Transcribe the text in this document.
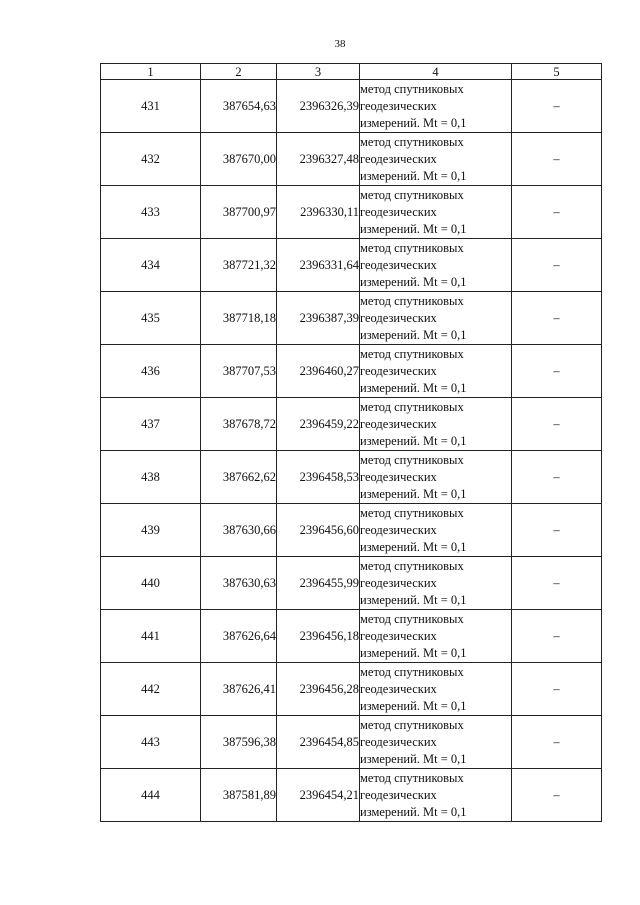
38
1	2	3	4	5
431	387654,63	2396326,39	метод спутниковых
геодезических
измерений. Mt = 0,1	–
432	387670,00	2396327,48	метод спутниковых
геодезических
измерений. Mt = 0,1	–
433	387700,97	2396330,11	метод спутниковых
геодезических
измерений. Mt = 0,1	–
434	387721,32	2396331,64	метод спутниковых
геодезических
измерений. Mt = 0,1	–
435	387718,18	2396387,39	метод спутниковых
геодезических
измерений. Mt = 0,1	–
436	387707,53	2396460,27	метод спутниковых
геодезических
измерений. Mt = 0,1	–
437	387678,72	2396459,22	метод спутниковых
геодезических
измерений. Mt = 0,1	–
438	387662,62	2396458,53	метод спутниковых
геодезических
измерений. Mt = 0,1	–
439	387630,66	2396456,60	метод спутниковых
геодезических
измерений. Mt = 0,1	–
440	387630,63	2396455,99	метод спутниковых
геодезических
измерений. Mt = 0,1	–
441	387626,64	2396456,18	метод спутниковых
геодезических
измерений. Mt = 0,1	–
442	387626,41	2396456,28	метод спутниковых
геодезических
измерений. Mt = 0,1	–
443	387596,38	2396454,85	метод спутниковых
геодезических
измерений. Mt = 0,1	–
444	387581,89	2396454,21	метод спутниковых
геодезических
измерений. Mt = 0,1	–
